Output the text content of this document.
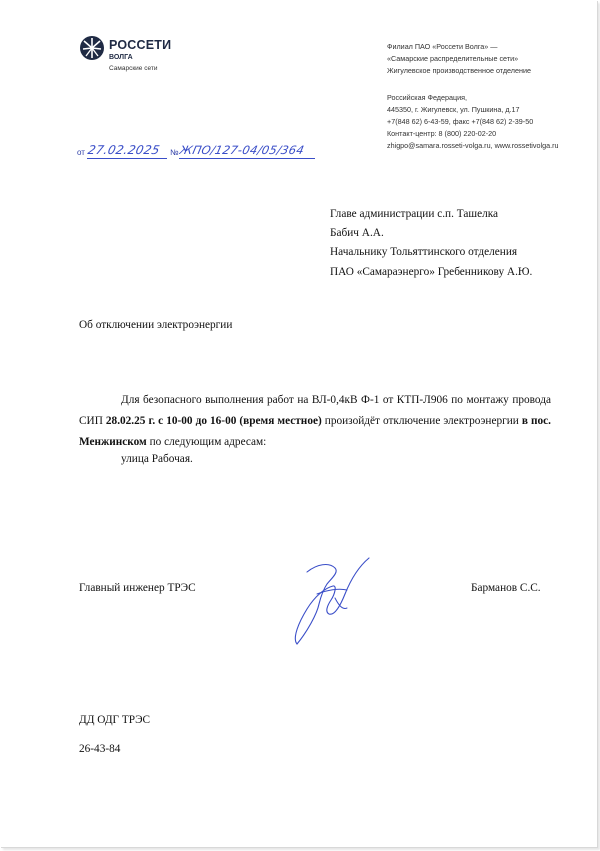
РОССЕТИ
ВОЛГА
Самарские сети
Филиал ПАО «Россети Волга» —
«Самарские распределительные сети»
Жигулевское производственное отделение
Российская Федерация,
445350, г. Жигулевск, ул. Пушкина, д.17
+7(848 62) 6-43-59, факс +7(848 62) 2-39-50
Контакт-центр: 8 (800) 220-02-20
zhigpo@samara.rosseti-volga.ru, www.rossetivolga.ru
от 27.02.2025 № ЖПО/127-04/05/364
Главе администрации с.п. Ташелка
Бабич А.А.
Начальнику Тольяттинского отделения
ПАО «Самараэнерго» Гребенникову А.Ю.
Об отключении электроэнергии

Для безопасного выполнения работ на ВЛ-0,4кВ Ф-1 от КТП-Л906 по монтажу провода СИП 28.02.25 г. с 10-00 до 16-00 (время местное) произойдёт отключение электроэнергии в пос. Менжинском по следующим адресам:

улица Рабочая.
Главный инженер ТРЭС	Барманов С.С.
ДД ОДГ ТРЭС
26-43-84
